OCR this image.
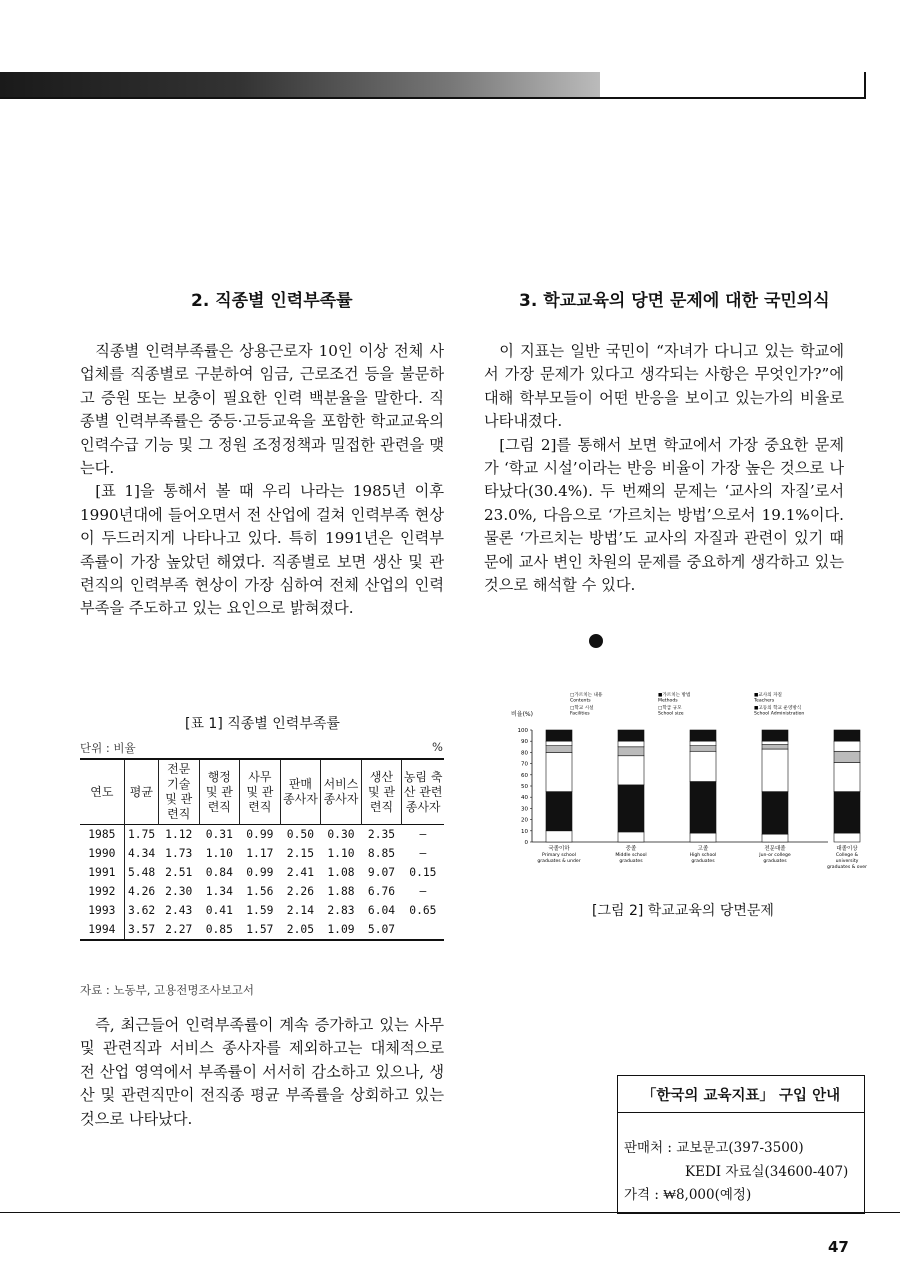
2. 직종별 인력부족률

직종별 인력부족률은 상용근로자 10인 이상 전체 사업체를 직종별로 구분하여 임금, 근로조건 등을 불문하고 증원 또는 보충이 필요한 인력 백분율을 말한다. 직종별 인력부족률은 중등·고등교육을 포함한 학교교육의 인력수급 기능 및 그 정원 조정정책과 밀접한 관련을 맺는다.

[표 1]을 통해서 볼 때 우리 나라는 1985년 이후 1990년대에 들어오면서 전 산업에 걸쳐 인력부족 현상이 두드러지게 나타나고 있다. 특히 1991년은 인력부족률이 가장 높았던 해였다. 직종별로 보면 생산 및 관련직의 인력부족 현상이 가장 심하여 전체 산업의 인력부족을 주도하고 있는 요인으로 밝혀졌다.

[표 1] 직종별 인력부족률
단위 : 비율	%
연도	평균	전문 기술 및 관련직	행정 및 관련직	사무 및 관련직	판매 종사자	서비스 종사자	생산 및 관련직	농림 축산 관련 종사자
1985	1.75	1.12	0.31	0.99	0.50	0.30	2.35	—
1990	4.34	1.73	1.10	1.17	2.15	1.10	8.85	—
1991	5.48	2.51	0.84	0.99	2.41	1.08	9.07	0.15
1992	4.26	2.30	1.34	1.56	2.26	1.88	6.76	—
1993	3.62	2.43	0.41	1.59	2.14	2.83	6.04	0.65
1994	3.57	2.27	0.85	1.57	2.05	1.09	5.07	
자료 : 노동부, 고용전명조사보고서

즉, 최근들어 인력부족률이 계속 증가하고 있는 사무 및 관련직과 서비스 종사자를 제외하고는 대체적으로 전 산업 영역에서 부족률이 서서히 감소하고 있으나, 생산 및 관련직만이 전직종 평균 부족률을 상회하고 있는 것으로 나타났다.

3. 학교교육의 당면 문제에 대한 국민의식

이 지표는 일반 국민이 “자녀가 다니고 있는 학교에서 가장 문제가 있다고 생각되는 사항은 무엇인가?”에 대해 학부모들이 어떤 반응을 보이고 있는가의 비율로 나타내졌다.

[그림 2]를 통해서 보면 학교에서 가장 중요한 문제가 ‘학교 시설’이라는 반응 비율이 가장 높은 것으로 나타났다(30.4%). 두 번째의 문제는 ‘교사의 자질’로서 23.0%, 다음으로 ‘가르치는 방법’으로서 19.1%이다. 물론 ‘가르치는 방법’도 교사의 자질과 관련이 있기 때문에 교사 변인 차원의 문제를 중요하게 생각하고 있는 것으로 해석할 수 있다.

□가르치는 내용
Contents
■가르치는 방법
Methods
■교사의 자질
Teachers
□학교 시설
Facilities
□학급 규모
School size
■고등의 학교 운영방식
School Administration
비율(%)
0
10
20
30
40
50
60
70
80
90
100
국졸이하
Primary school
graduates & under
중졸
Middle school
graduates
고졸
High school
graduates
전문대졸
Jun-or college
graduates
대졸이상
College &
university
graduates & over
[그림 2] 학교교육의 당면문제
「한국의 교육지표」 구입 안내
판매처 : 교보문고(397-3500)
KEDI 자료실(34600-407)
가격 : ₩8,000(예정)
47
